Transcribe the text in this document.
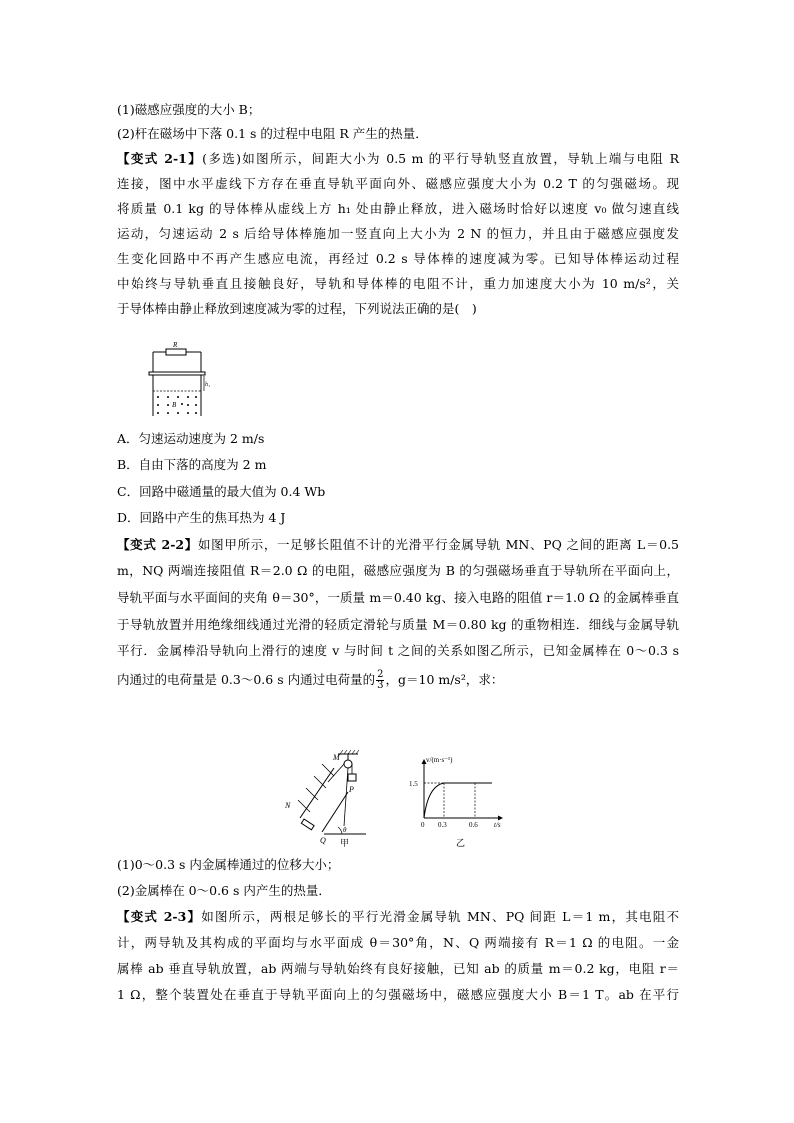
(1)磁感应强度的大小 B；
(2)杆在磁场中下落 0.1 s 的过程中电阻 R 产生的热量．
【变式 2-1】(多选)如图所示，间距大小为 0.5 m 的平行导轨竖直放置，导轨上端与电阻 R
连接，图中水平虚线下方存在垂直导轨平面向外、磁感应强度大小为 0.2 T 的匀强磁场。现
将质量 0.1 kg 的导体棒从虚线上方 h₁ 处由静止释放，进入磁场时恰好以速度 v₀ 做匀速直线
运动，匀速运动 2 s 后给导体棒施加一竖直向上大小为 2 N 的恒力，并且由于磁感应强度发
生变化回路中不再产生感应电流，再经过 0.2 s 导体棒的速度减为零。已知导体棒运动过程
中始终与导轨垂直且接触良好，导轨和导体棒的电阻不计，重力加速度大小为 10 m/s²，关
于导体棒由静止释放到速度减为零的过程，下列说法正确的是(　)
R
h₁
B
A．匀速运动速度为 2 m/s
B．自由下落的高度为 2 m
C．回路中磁通量的最大值为 0.4 Wb
D．回路中产生的焦耳热为 4 J
【变式 2-2】如图甲所示，一足够长阻值不计的光滑平行金属导轨 MN、PQ 之间的距离 L＝0.5
m，NQ 两端连接阻值 R＝2.0 Ω 的电阻，磁感应强度为 B 的匀强磁场垂直于导轨所在平面向上，
导轨平面与水平面间的夹角 θ＝30°，一质量 m＝0.40 kg、接入电路的阻值 r＝1.0 Ω 的金属棒垂直
于导轨放置并用绝缘细线通过光滑的轻质定滑轮与质量 M＝0.80 kg 的重物相连．细线与金属导轨
平行．金属棒沿导轨向上滑行的速度 v 与时间 t 之间的关系如图乙所示，已知金属棒在 0～0.3 s
内通过的电荷量是 0.3～0.6 s 内通过电荷量的 $\frac{2}{3}$ ，g＝10 m/s²，求：
P
M
N
Q
θ
甲
v/(m·s⁻¹)
1.5
0 0.3	0.6 t/s
乙
(1)0～0.3 s 内金属棒通过的位移大小；
(2)金属棒在 0～0.6 s 内产生的热量．
【变式 2-3】如图所示，两根足够长的平行光滑金属导轨 MN、PQ 间距 L＝1 m，其电阻不
计，两导轨及其构成的平面均与水平面成 θ＝30°角，N、Q 两端接有 R＝1 Ω 的电阻。一金
属棒 ab 垂直导轨放置，ab 两端与导轨始终有良好接触，已知 ab 的质量 m＝0.2 kg，电阻 r＝
1 Ω，整个装置处在垂直于导轨平面向上的匀强磁场中，磁感应强度大小 B＝1 T。ab 在平行
